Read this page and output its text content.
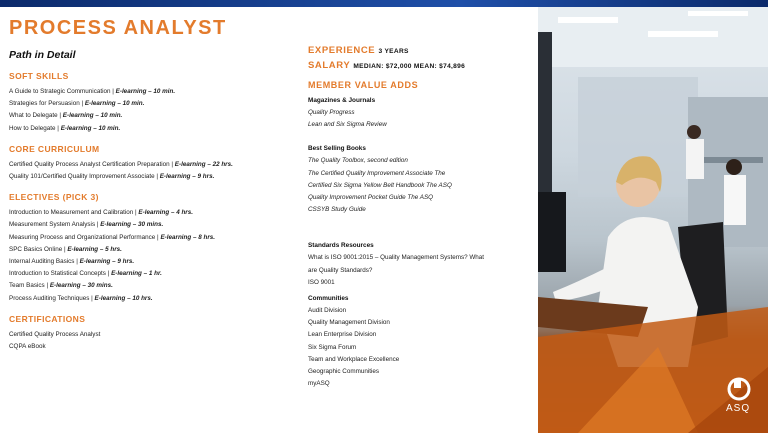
PROCESS ANALYST
Path in Detail
SOFT SKILLS
A Guide to Strategic Communication | E-learning – 10 min.
Strategies for Persuasion | E-learning – 10 min.
What to Delegate | E-learning – 10 min.
How to Delegate | E-learning – 10 min.
CORE CURRICULUM
Certified Quality Process Analyst Certification Preparation | E-learning – 22 hrs.
Quality 101/Certified Quality Improvement Associate | E-learning – 9 hrs.
ELECTIVES (PICK 3)
Introduction to Measurement and Calibration | E-learning – 4 hrs.
Measurement System Analysis | E-learning – 30 mins.
Measuring Process and Organizational Performance | E-learning – 8 hrs.
SPC Basics Online | E-learning – 5 hrs.
Internal Auditing Basics | E-learning – 9 hrs.
Introduction to Statistical Concepts | E-learning – 1 hr.
Team Basics | E-learning – 30 mins.
Process Auditing Techniques | E-learning – 10 hrs.
CERTIFICATIONS
Certified Quality Process Analyst
CQPA eBook
EXPERIENCE 3 YEARS
SALARY MEDIAN: $72,000 MEAN: $74,896
MEMBER VALUE ADDS
Magazines & Journals
Quality Progress
Lean and Six Sigma Review
Best Selling Books
The Quality Toolbox, second edition
The Certified Quality Improvement Associate The
Certified Six Sigma Yellow Belt Handbook The ASQ
Quality Improvement Pocket Guide The ASQ
CSSYB Study Guide
Standards Resources
What is ISO 9001:2015 – Quality Management Systems? What
are Quality Standards?
ISO 9001
Communities
Audit Division
Quality Management Division
Lean Enterprise Division
Six Sigma Forum
Team and Workplace Excellence
Geographic Communities
myASQ
ASQ
